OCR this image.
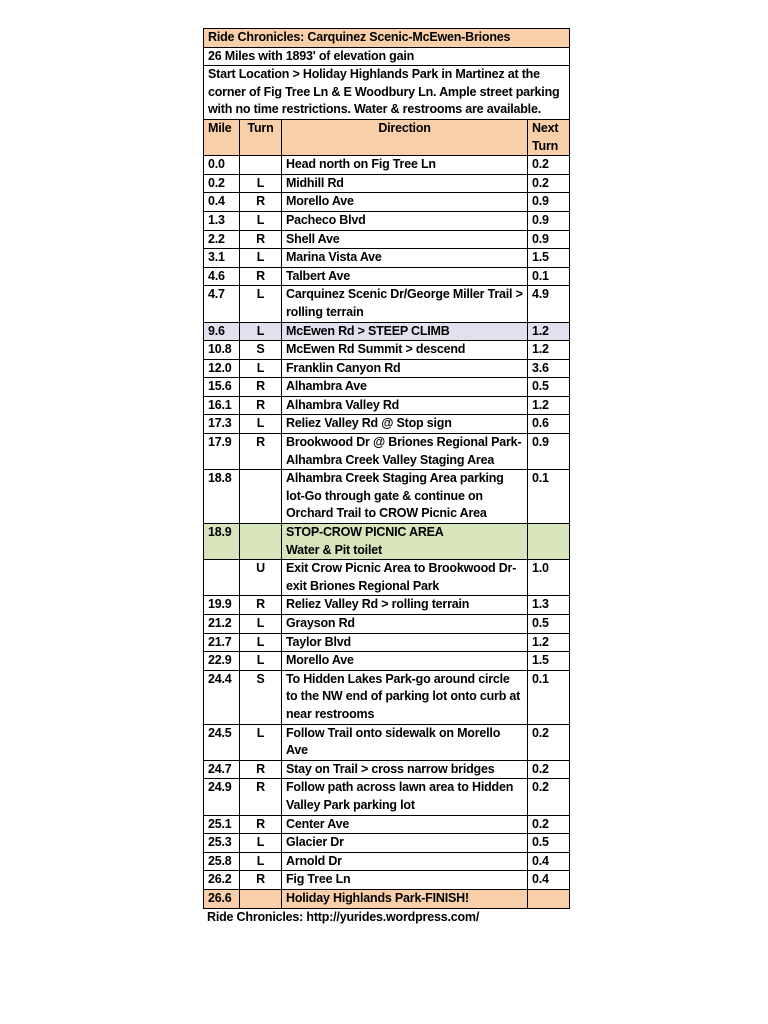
Ride Chronicles: Carquinez Scenic-McEwen-Briones			
26 Miles with 1893' of elevation gain			
Start Location > Holiday Highlands Park in Martinez at the corner of Fig Tree Ln & E Woodbury Ln. Ample street parking with no time restrictions. Water & restrooms are available.			
Mile	Turn	Direction	Next Turn
0.0		Head north on Fig Tree Ln	0.2
0.2	L	Midhill Rd	0.2
0.4	R	Morello Ave	0.9
1.3	L	Pacheco Blvd	0.9
2.2	R	Shell Ave	0.9
3.1	L	Marina Vista Ave	1.5
4.6	R	Talbert Ave	0.1
4.7	L	Carquinez Scenic Dr/George Miller Trail > rolling terrain	4.9
9.6	L	McEwen Rd > STEEP CLIMB	1.2
10.8	S	McEwen Rd Summit > descend	1.2
12.0	L	Franklin Canyon Rd	3.6
15.6	R	Alhambra Ave	0.5
16.1	R	Alhambra Valley Rd	1.2
17.3	L	Reliez Valley Rd @ Stop sign	0.6
17.9	R	Brookwood Dr @ Briones Regional Park-Alhambra Creek Valley Staging Area	0.9
18.8		Alhambra Creek Staging Area parking lot-Go through gate & continue on Orchard Trail to CROW Picnic Area	0.1
18.9		STOP-CROW PICNIC AREA
Water & Pit toilet	

	U	Exit Crow Picnic Area to Brookwood Dr-exit Briones Regional Park	1.0
19.9	R	Reliez Valley Rd > rolling terrain	1.3
21.2	L	Grayson Rd	0.5
21.7	L	Taylor Blvd	1.2
22.9	L	Morello Ave	1.5
24.4	S	To Hidden Lakes Park-go around circle to the NW end of parking lot onto curb at near restrooms	0.1
24.5	L	Follow Trail onto sidewalk on Morello Ave	0.2
24.7	R	Stay on Trail > cross narrow bridges	0.2
24.9	R	Follow path across lawn area to Hidden Valley Park parking lot	0.2
25.1	R	Center Ave	0.2
25.3	L	Glacier Dr	0.5
25.8	L	Arnold Dr	0.4
26.2	R	Fig Tree Ln	0.4
26.6		Holiday Highlands Park-FINISH!	
Ride Chronicles: http://yurides.wordpress.com/
